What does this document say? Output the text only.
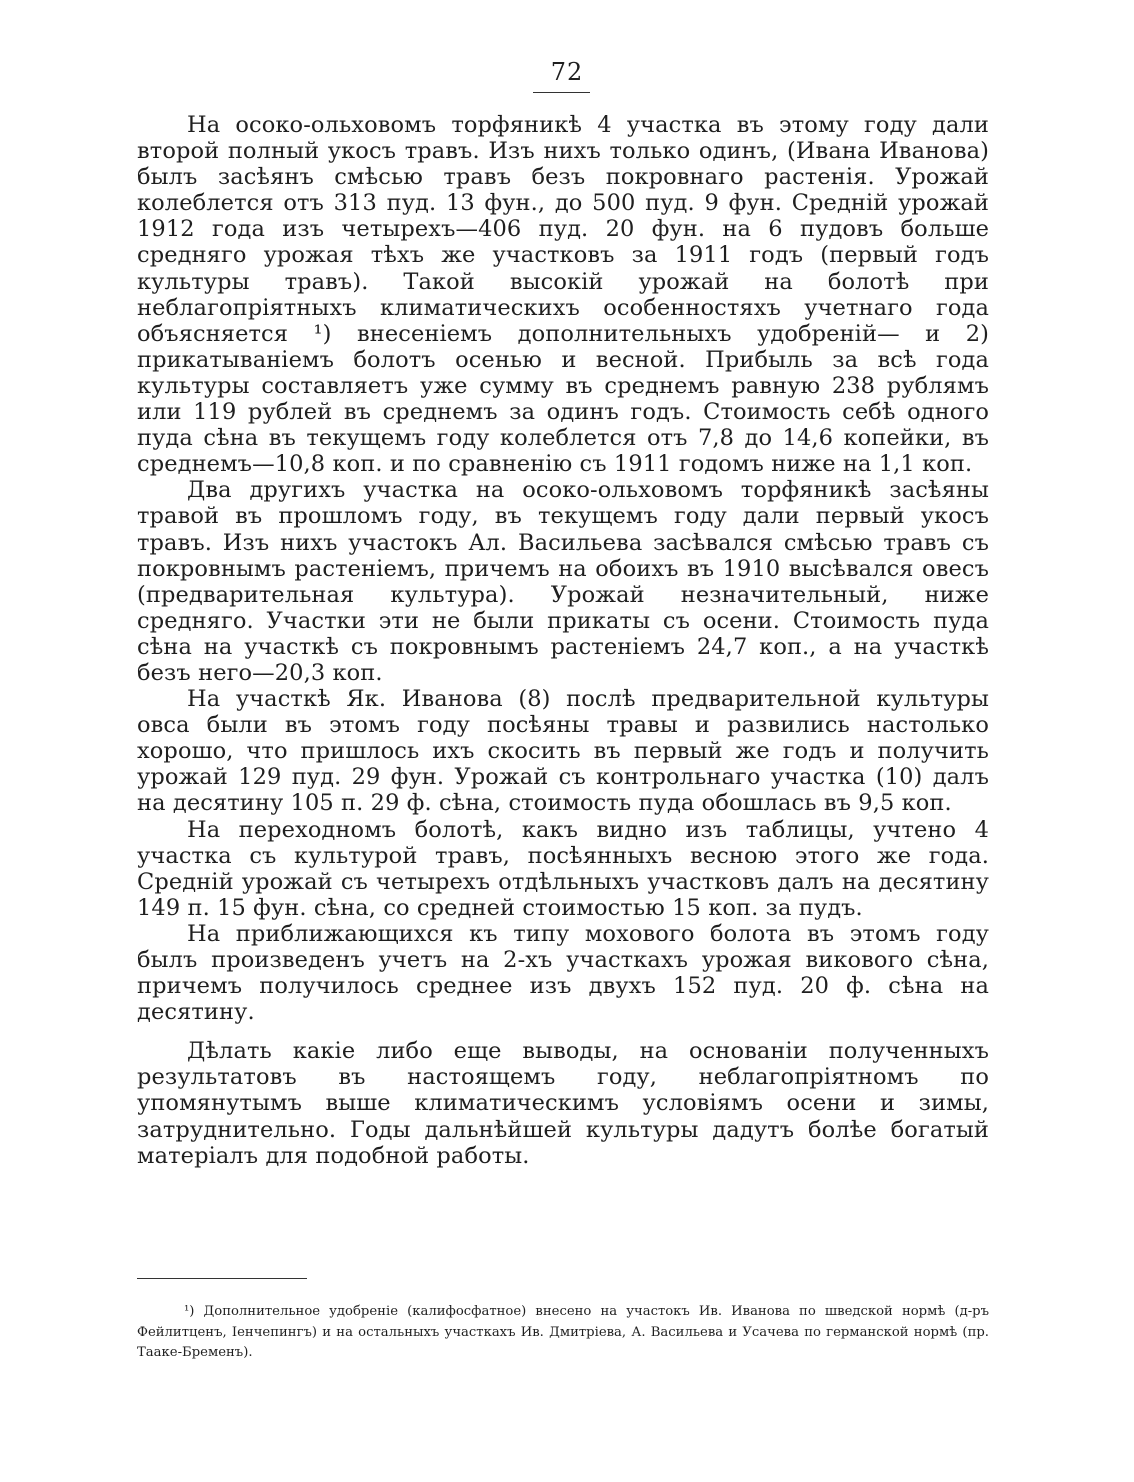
72

На осоко-ольховомъ торфяникѣ 4 участка въ этому году дали второй полный укосъ травъ. Изъ нихъ только одинъ, (Ивана Иванова) былъ засѣянъ смѣсью травъ безъ покровнаго растенія. Урожай колеблется отъ 313 пуд. 13 фун., до 500 пуд. 9 фун. Средній урожай 1912 года изъ четырехъ—406 пуд. 20 фун. на 6 пудовъ больше средняго урожая тѣхъ же участковъ за 1911 годъ (первый годъ культуры травъ). Такой высокій урожай на болотѣ при неблагопріятныхъ климатическихъ особенностяхъ учетнаго года объясняется ¹) внесеніемъ дополнительныхъ удобреній— и 2) прикатываніемъ болотъ осенью и весной. Прибыль за всѣ года культуры составляетъ уже сумму въ среднемъ равную 238 рублямъ или 119 рублей въ среднемъ за одинъ годъ. Стоимость себѣ одного пуда сѣна въ текущемъ году колеблется отъ 7,8 до 14,6 копейки, въ среднемъ—10,8 коп. и по сравненію съ 1911 годомъ ниже на 1,1 коп.

Два другихъ участка на осоко-ольховомъ торфяникѣ засѣяны травой въ прошломъ году, въ текущемъ году дали первый укосъ травъ. Изъ нихъ участокъ Ал. Васильева засѣвался смѣсью травъ съ покровнымъ растеніемъ, причемъ на обоихъ въ 1910 высѣвался овесъ (предварительная культура). Урожай незначительный, ниже средняго. Участки эти не были прикаты съ осени. Стоимость пуда сѣна на участкѣ съ покровнымъ растеніемъ 24,7 коп., а на участкѣ безъ него—20,3 коп.

На участкѣ Як. Иванова (8) послѣ предварительной культуры овса были въ этомъ году посѣяны травы и развились настолько хорошо, что пришлось ихъ скосить въ первый же годъ и получить урожай 129 пуд. 29 фун. Урожай съ контрольнаго участка (10) далъ на десятину 105 п. 29 ф. сѣна, стоимость пуда обошлась въ 9,5 коп.

На переходномъ болотѣ, какъ видно изъ таблицы, учтено 4 участка съ культурой травъ, посѣянныхъ весною этого же года. Средній урожай съ четырехъ отдѣльныхъ участковъ далъ на десятину 149 п. 15 фун. сѣна, со средней стоимостью 15 коп. за пудъ.

На приближающихся къ типу мохового болота въ этомъ году былъ произведенъ учетъ на 2-хъ участкахъ урожая викового сѣна, причемъ получилось среднее изъ двухъ 152 пуд. 20 ф. сѣна на десятину.

Дѣлать какіе либо еще выводы, на основаніи полученныхъ результатовъ въ настоящемъ году, неблагопріятномъ по упомянутымъ выше климатическимъ условіямъ осени и зимы, затруднительно. Годы дальнѣйшей культуры дадутъ болѣе богатый матеріалъ для подобной работы.

¹) Дополнительное удобреніе (калифосфатное) внесено на участокъ Ив. Иванова по шведской нормѣ (д-ръ Фейлитценъ, Іенчепингъ) и на остальныхъ участкахъ Ив. Дмитріева, А. Васильева и Усачева по германской нормѣ (пр. Тааке-Бременъ).
